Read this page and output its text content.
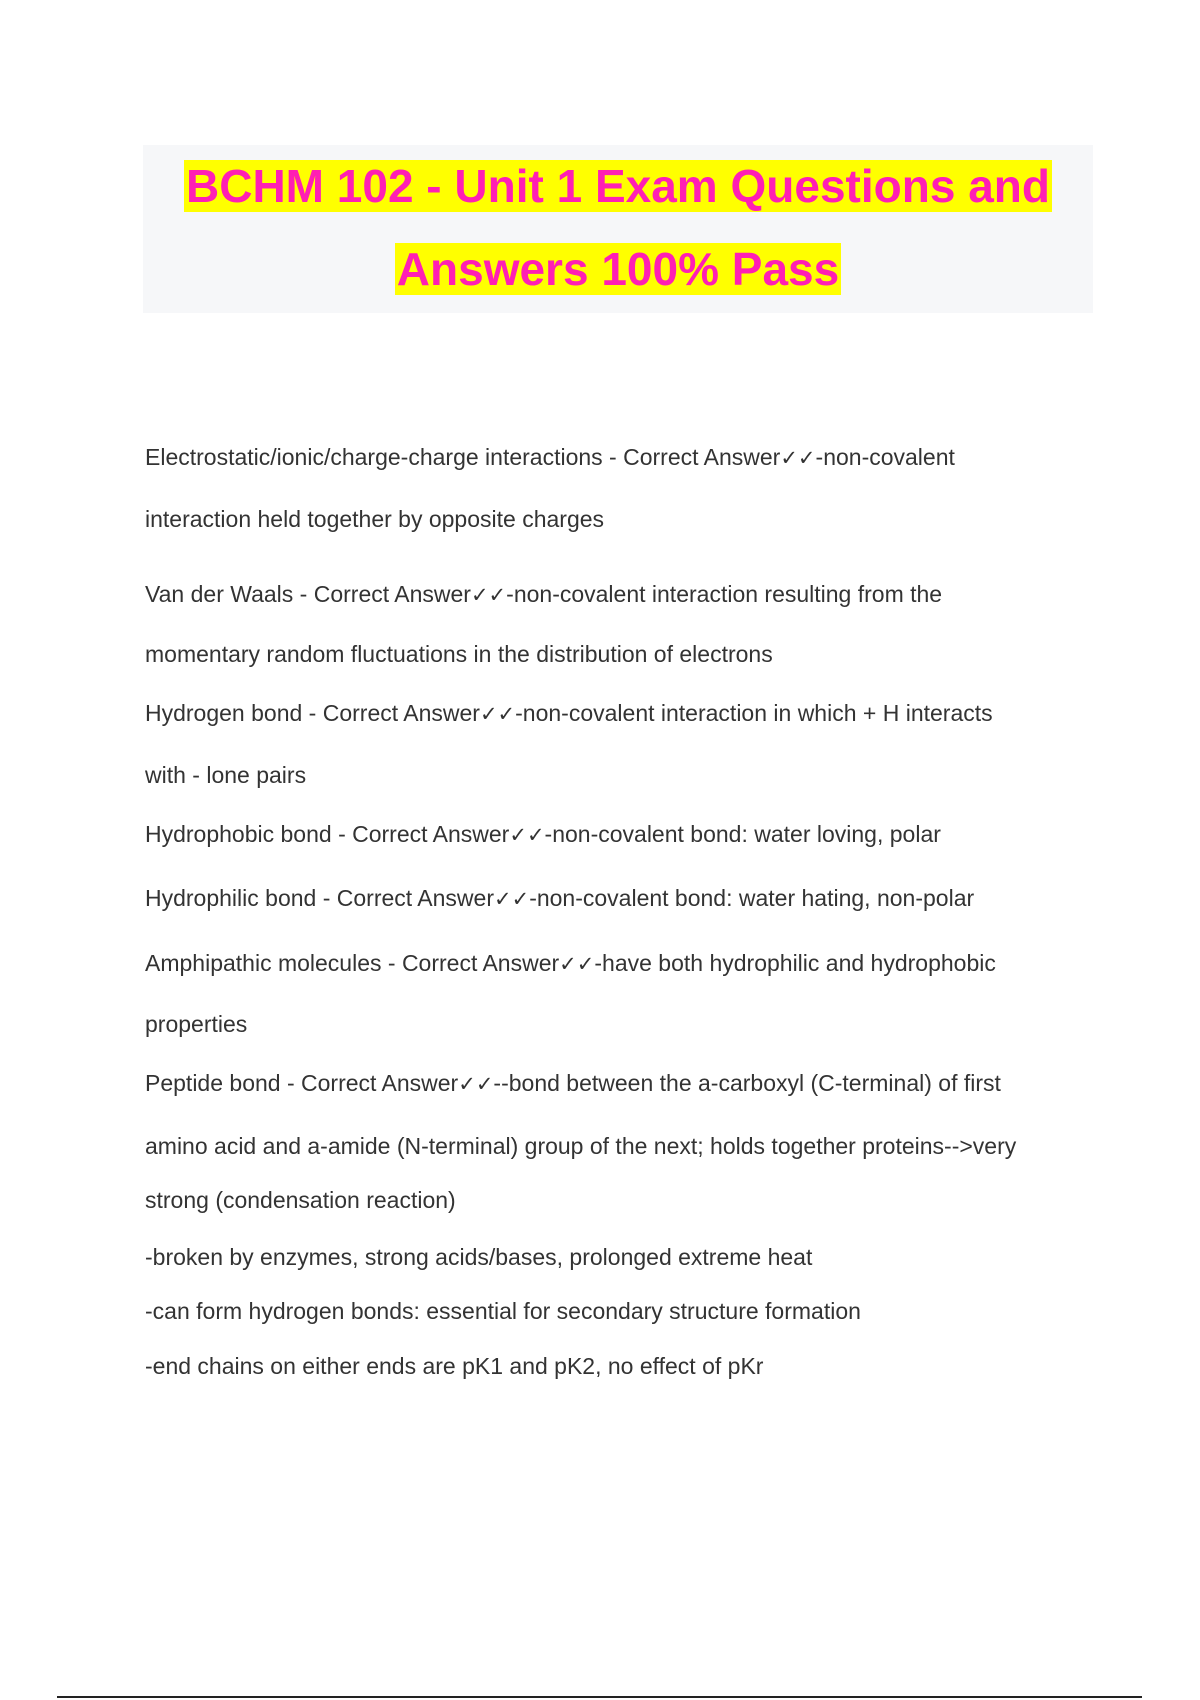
BCHM 102 - Unit 1 Exam Questions and
Answers 100% Pass

Electrostatic/ionic/charge-charge interactions - Correct Answer✓✓-non-covalent

interaction held together by opposite charges

Van der Waals - Correct Answer✓✓-non-covalent interaction resulting from the

momentary random fluctuations in the distribution of electrons

Hydrogen bond - Correct Answer✓✓-non-covalent interaction in which + H interacts

with - lone pairs

Hydrophobic bond - Correct Answer✓✓-non-covalent bond: water loving, polar

Hydrophilic bond - Correct Answer✓✓-non-covalent bond: water hating, non-polar

Amphipathic molecules - Correct Answer✓✓-have both hydrophilic and hydrophobic

properties

Peptide bond - Correct Answer✓✓--bond between the a-carboxyl (C-terminal) of first

amino acid and a-amide (N-terminal) group of the next; holds together proteins-->very

strong (condensation reaction)

-broken by enzymes, strong acids/bases, prolonged extreme heat

-can form hydrogen bonds: essential for secondary structure formation

-end chains on either ends are pK1 and pK2, no effect of pKr
